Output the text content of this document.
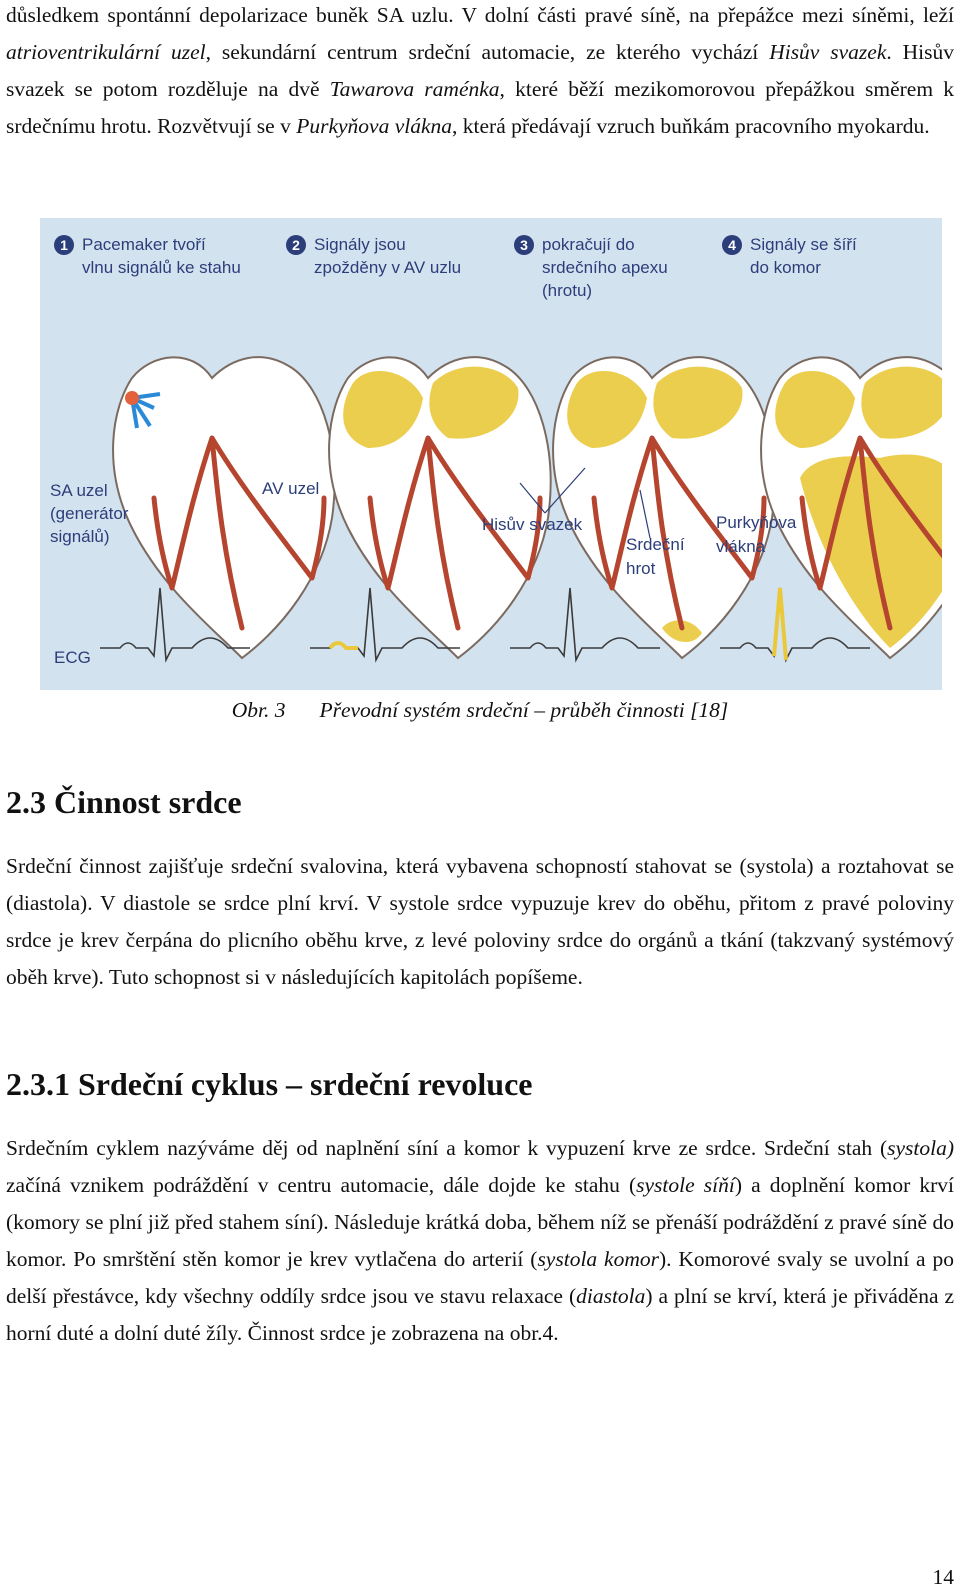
důsledkem spontánní depolarizace buněk SA uzlu. V dolní části pravé síně, na přepážce mezi síněmi, leží atrioventrikulární uzel, sekundární centrum srdeční automacie, ze kterého vychází Hisův svazek. Hisův svazek se potom rozděluje na dvě Tawarova raménka, které běží mezikomorovou přepážkou směrem k srdečnímu hrotu. Rozvětvují se v Purkyňova vlákna, která předávají vzruch buňkám pracovního myokardu.

1 Pacemaker tvoří
vlnu signálů ke stahu
2 Signály jsou
zpožděny v AV uzlu
3 pokračují do
srdečního apexu
(hrotu)
4 Signály se šíří
do komor
SA uzel
(generátor
signálů)
AV uzel
Hisův svazek
Srdeční
hrot
Purkyňova
vlákna
ECG
Obr. 3 Převodní systém srdeční – průběh činnosti [18]
2.3 Činnost srdce

Srdeční činnost zajišťuje srdeční svalovina, která vybavena schopností stahovat se (systola) a roztahovat se (diastola). V diastole se srdce plní krví. V systole srdce vypuzuje krev do oběhu, přitom z pravé poloviny srdce je krev čerpána do plicního oběhu krve, z levé poloviny srdce do orgánů a tkání (takzvaný systémový oběh krve). Tuto schopnost si v následujících kapitolách popíšeme.

2.3.1 Srdeční cyklus – srdeční revoluce

Srdečním cyklem nazýváme děj od naplnění síní a komor k vypuzení krve ze srdce. Srdeční stah (systola) začíná vznikem podráždění v centru automacie, dále dojde ke stahu (systole síňí) a doplnění komor krví (komory se plní již před stahem síní). Následuje krátká doba, během níž se přenáší podráždění z pravé síně do komor. Po smrštění stěn komor je krev vytlačena do arterií (systola komor). Komorové svaly se uvolní a po delší přestávce, kdy všechny oddíly srdce jsou ve stavu relaxace (diastola) a plní se krví, která je přiváděna z horní duté a dolní duté žíly. Činnost srdce je zobrazena na obr.4.

14
